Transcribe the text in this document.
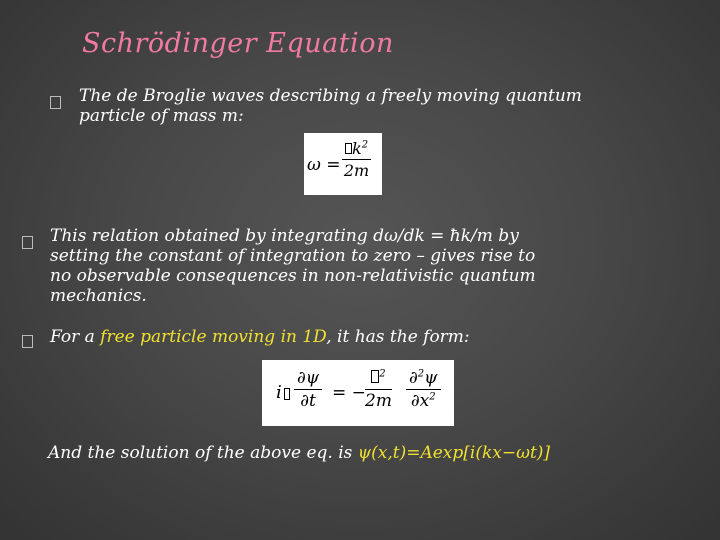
Schrödinger Equation
The de Broglie waves describing a freely moving quantum
particle of mass m:
$\omega = \frac{k^2}{2m}$
This relation obtained by integrating dω/dk = ħk/m by
setting the constant of integration to zero – gives rise to
no observable consequences in non-relativistic quantum
mechanics.
For a free particle moving in 1D, it has the form:
i $\frac{\partial\psi}{\partial t}$ = − $\frac{^2}{2m} \frac{\partial^2\psi}{\partial x^2}$
And the solution of the above eq. is ψ(x,t)=Aexp[i(kx−ωt)]
